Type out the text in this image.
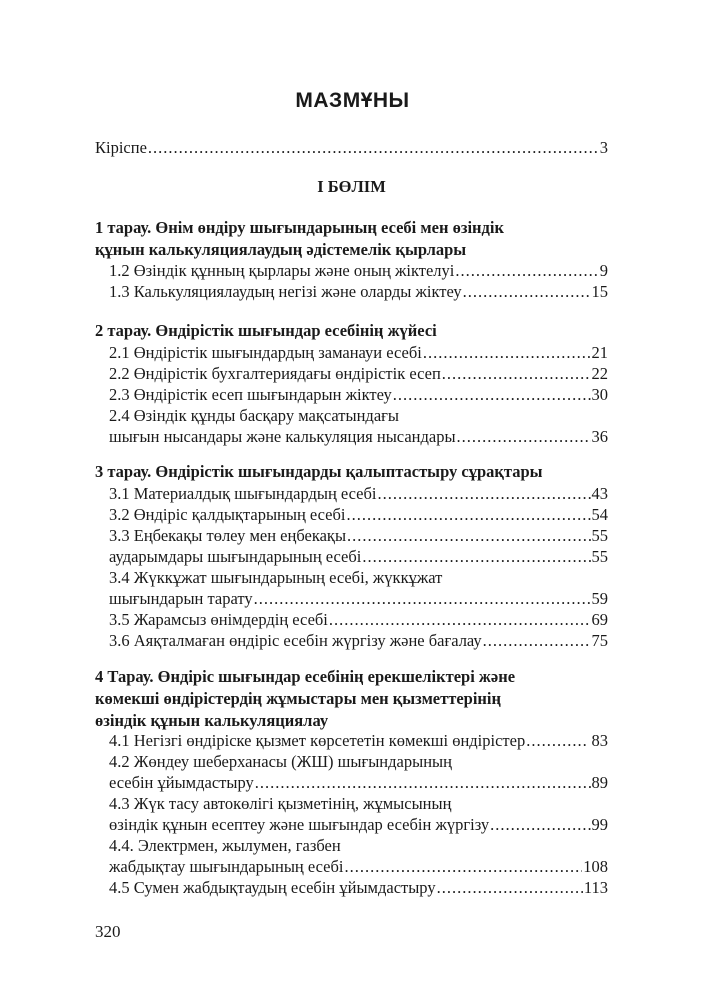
МАЗМҰНЫ
Кіріспе .....	3
І БӨЛІМ
1 тарау. Өнім өндіру шығындарының есебі мен өзіндік
құнын калькуляциялаудың әдістемелік қырлары
1.2 Өзіндік құнның қырлары және оның жіктелуі .....	9
1.3 Калькуляциялаудың негізі және оларды жіктеу .....	15
2 тарау. Өндірістік шығындар есебінің жүйесі
2.1 Өндірістік шығындардың заманауи есебі .....	21
2.2 Өндірістік бухгалтериядағы өндірістік есеп .....	22
2.3 Өндірістік есеп шығындарын жіктеу .....	30
2.4 Өзіндік құнды басқару мақсатындағы
шығын нысандары және калькуляция нысандары .....	36
3 тарау. Өндірістік шығындарды қалыптастыру сұрақтары
3.1 Материалдық шығындардың есебі .....	43
3.2 Өндіріс қалдықтарының есебі .....	54
3.3 Еңбекақы төлеу мен еңбекақы .....	55
аударымдары шығындарының есебі .....	55
3.4 Жүккұжат шығындарының есебі, жүккұжат
шығындарын тарату .....	59
3.5 Жарамсыз өнімдердің есебі .....	69
3.6 Аяқталмаған өндіріс есебін жүргізу және бағалау .....	75
4 Тарау. Өндіріс шығындар есебінің ерекшеліктері және
көмекші өндірістердің жұмыстары мен қызметтерінің
өзіндік құнын калькуляциялау
4.1 Негізгі өндіріске қызмет көрсететін көмекші өндірістер .....	83
4.2 Жөндеу шеберханасы (ЖШ) шығындарының
есебін ұйымдастыру .....	89
4.3 Жүк тасу автокөлігі қызметінің, жұмысының
өзіндік құнын есептеу және шығындар есебін жүргізу .....	99
4.4. Электрмен, жылумен, газбен
жабдықтау шығындарының есебі .....	108
4.5 Сумен жабдықтаудың есебін ұйымдастыру .....	113
320
